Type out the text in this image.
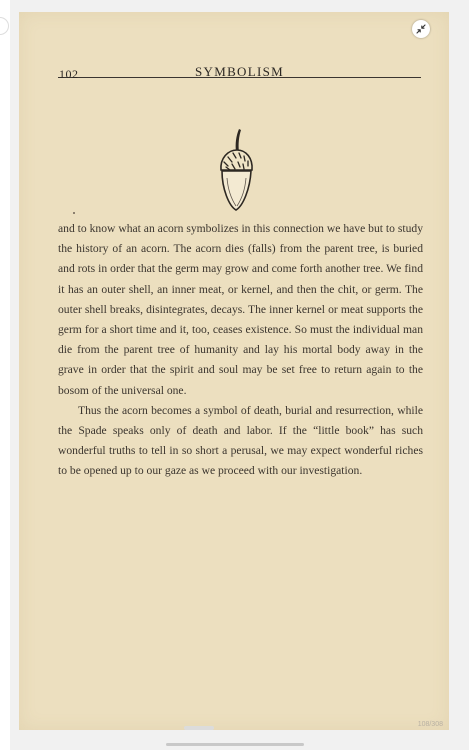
102	SYMBOLISM

and to know what an acorn symbolizes in this connection we have but to study the history of an acorn. The acorn dies (falls) from the parent tree, is buried and rots in order that the germ may grow and come forth another tree. We find it has an outer shell, an inner meat, or kernel, and then the chit, or germ. The outer shell breaks, disintegrates, decays. The inner kernel or meat supports the germ for a short time and it, too, ceases existence. So must the individual man die from the parent tree of humanity and lay his mortal body away in the grave in order that the spirit and soul may be set free to return again to the bosom of the universal one.

Thus the acorn becomes a symbol of death, burial and resurrection, while the Spade speaks only of death and labor. If the “little book” has such wonderful truths to tell in so short a perusal, we may expect wonderful riches to be opened up to our gaze as we proceed with our investigation.

108/308
